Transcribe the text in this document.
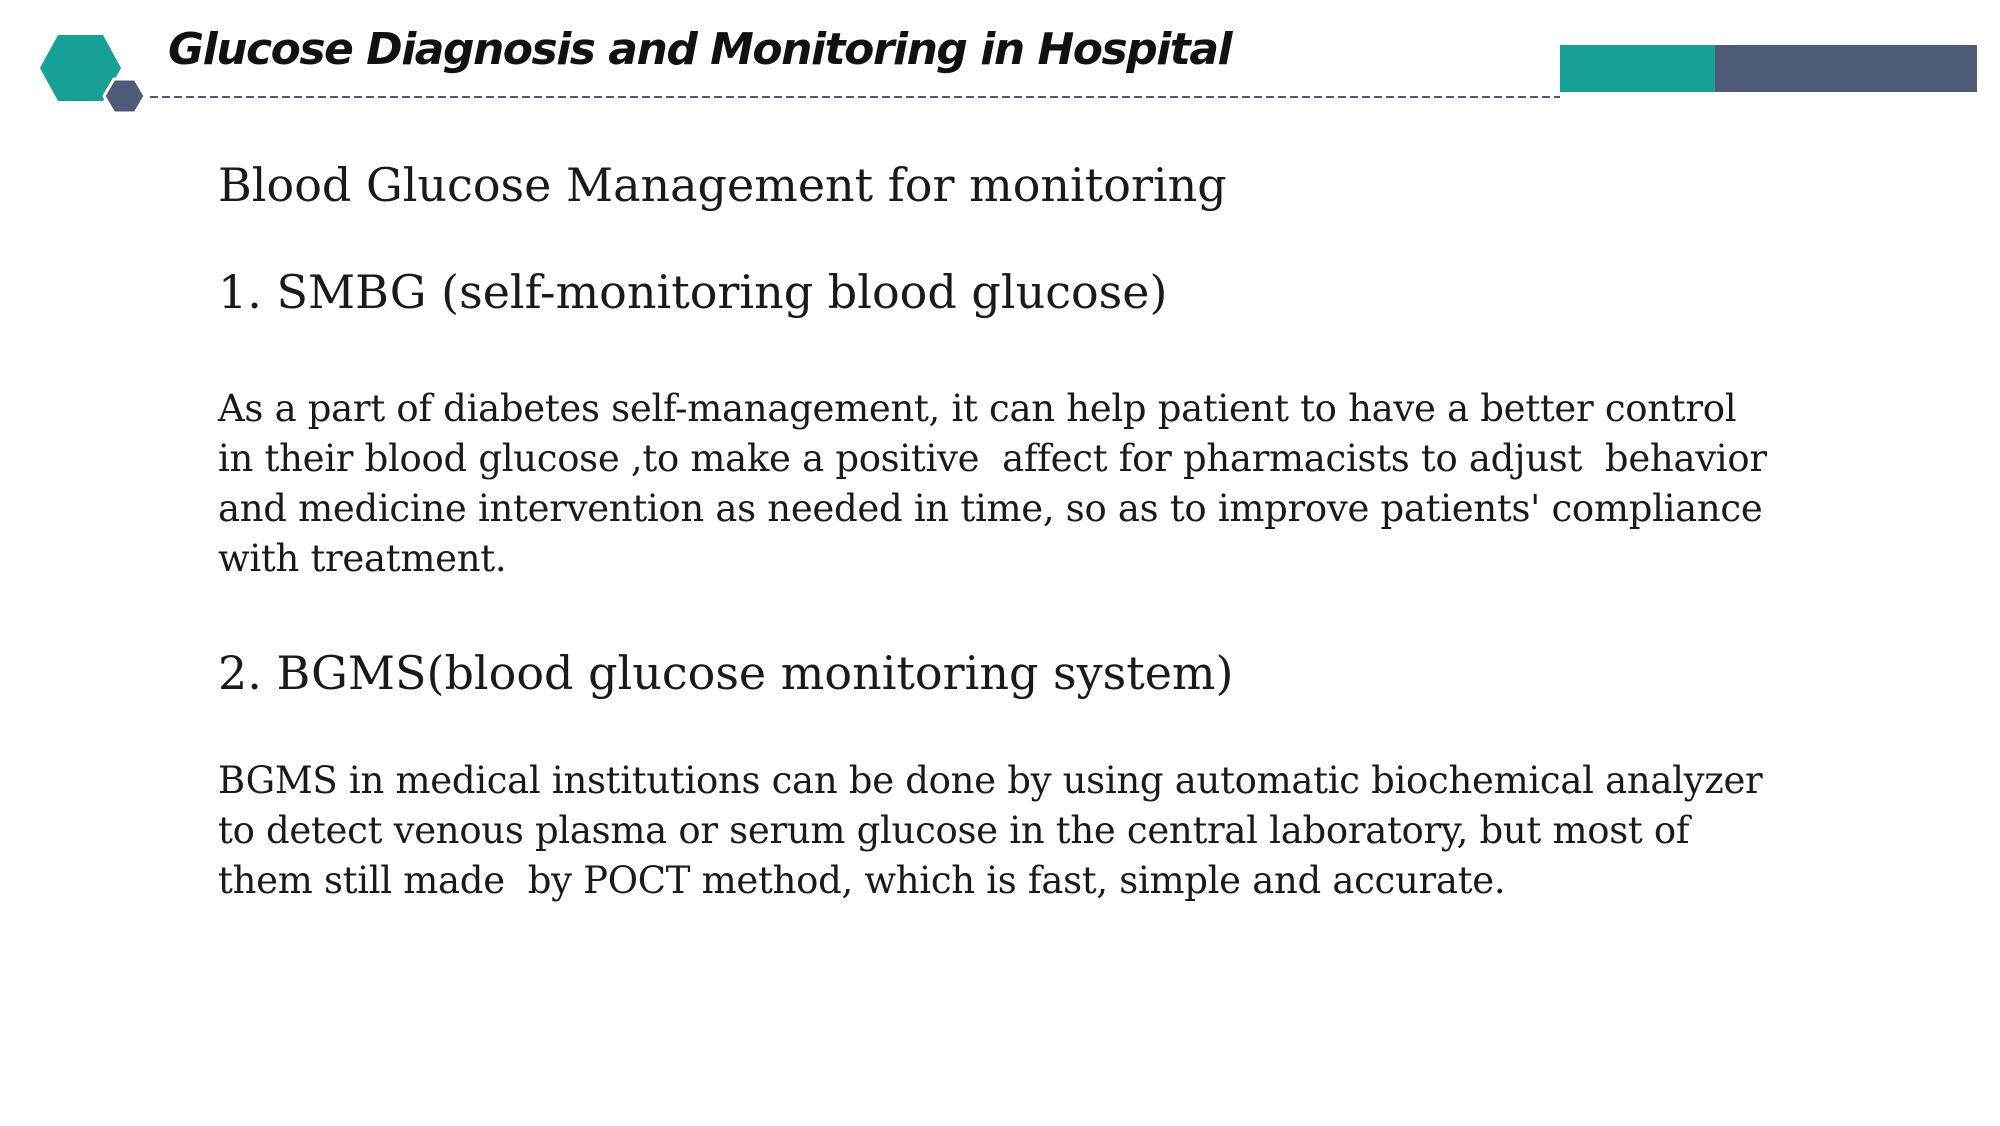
Glucose Diagnosis and Monitoring in Hospital
Blood Glucose Management for monitoring
1. SMBG (self-monitoring blood glucose)

As a part of diabetes self-management, it can help patient to have a better control in their blood glucose ,to make a positive  affect for pharmacists to adjust  behavior and medicine intervention as needed in time, so as to improve patients' compliance with treatment.

2. BGMS(blood glucose monitoring system)

BGMS in medical institutions can be done by using automatic biochemical analyzer to detect venous plasma or serum glucose in the central laboratory, but most of them still made  by POCT method, which is fast, simple and accurate.
